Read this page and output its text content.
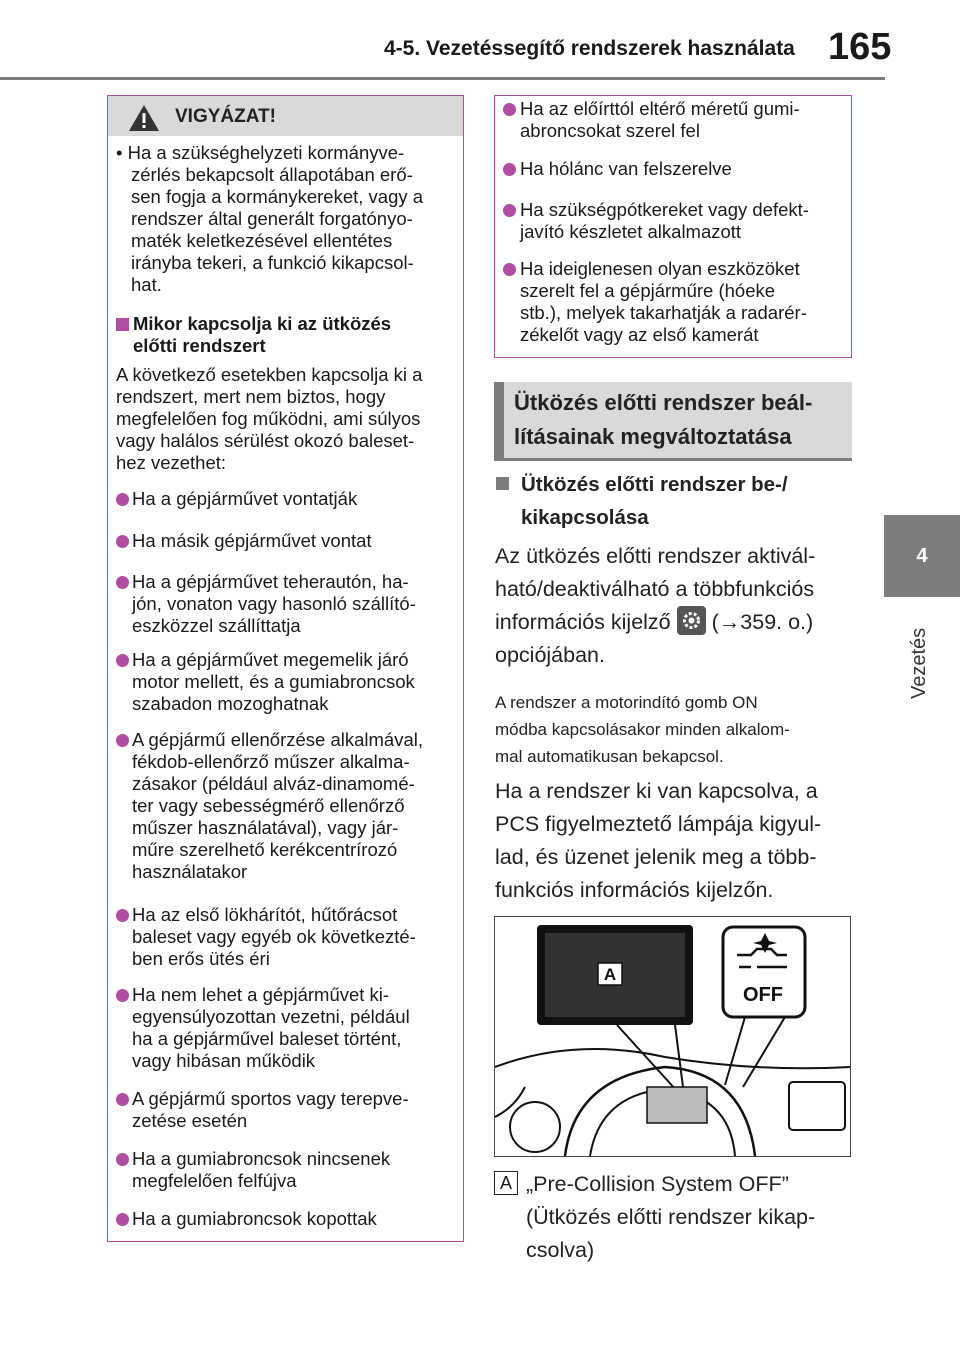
4-5. Vezetéssegítő rendszerek használata 165
4
Vezetés
VIGYÁZAT!
• Ha a szükséghelyzeti kormányve-
zérlés bekapcsolt állapotában erő-
sen fogja a kormánykereket, vagy a
rendszer által generált forgatónyo-
maték keletkezésével ellentétes
irányba tekeri, a funkció kikapcsol-
hat.
Mikor kapcsolja ki az ütközés
előtti rendszert
A következő esetekben kapcsolja ki a
rendszert, mert nem biztos, hogy
megfelelően fog működni, ami súlyos
vagy halálos sérülést okozó baleset-
hez vezethet:
Ha a gépjárművet vontatják
Ha másik gépjárművet vontat
Ha a gépjárművet teherautón, ha-
jón, vonaton vagy hasonló szállító-
eszközzel szállíttatja
Ha a gépjárművet megemelik járó
motor mellett, és a gumiabroncsok
szabadon mozoghatnak
A gépjármű ellenőrzése alkalmával,
fékdob-ellenőrző műszer alkalma-
zásakor (például alváz-dinamomé-
ter vagy sebességmérő ellenőrző
műszer használatával), vagy jár-
műre szerelhető kerékcentrírozó
használatakor
Ha az első lökhárítót, hűtőrácsot
baleset vagy egyéb ok következté-
ben erős ütés éri
Ha nem lehet a gépjárművet ki-
egyensúlyozottan vezetni, például
ha a gépjárművel baleset történt,
vagy hibásan működik
A gépjármű sportos vagy terepve-
zetése esetén
Ha a gumiabroncsok nincsenek
megfelelően felfújva
Ha a gumiabroncsok kopottak
Ha az előírttól eltérő méretű gumi-
abroncsokat szerel fel
Ha hólánc van felszerelve
Ha szükségpótkereket vagy defekt-
javító készletet alkalmazott
Ha ideiglenesen olyan eszközöket
szerelt fel a gépjárműre (hóeke
stb.), melyek takarhatják a radarér-
zékelőt vagy az első kamerát
Ütközés előtti rendszer beál-
lításainak megváltoztatása
Ütközés előtti rendszer be-/
kikapcsolása
Az ütközés előtti rendszer aktivál-
ható/deaktiválható a többfunkciós
információs kijelző (→359. o.)
opciójában.
A rendszer a motorindító gomb ON
módba kapcsolásakor minden alkalom-
mal automatikusan bekapcsol.
Ha a rendszer ki van kapcsolva, a
PCS figyelmeztető lámpája kigyul-
lad, és üzenet jelenik meg a több-
funkciós információs kijelzőn.
A
OFF
A „Pre-Collision System OFF”
(Ütközés előtti rendszer kikap-
csolva)
